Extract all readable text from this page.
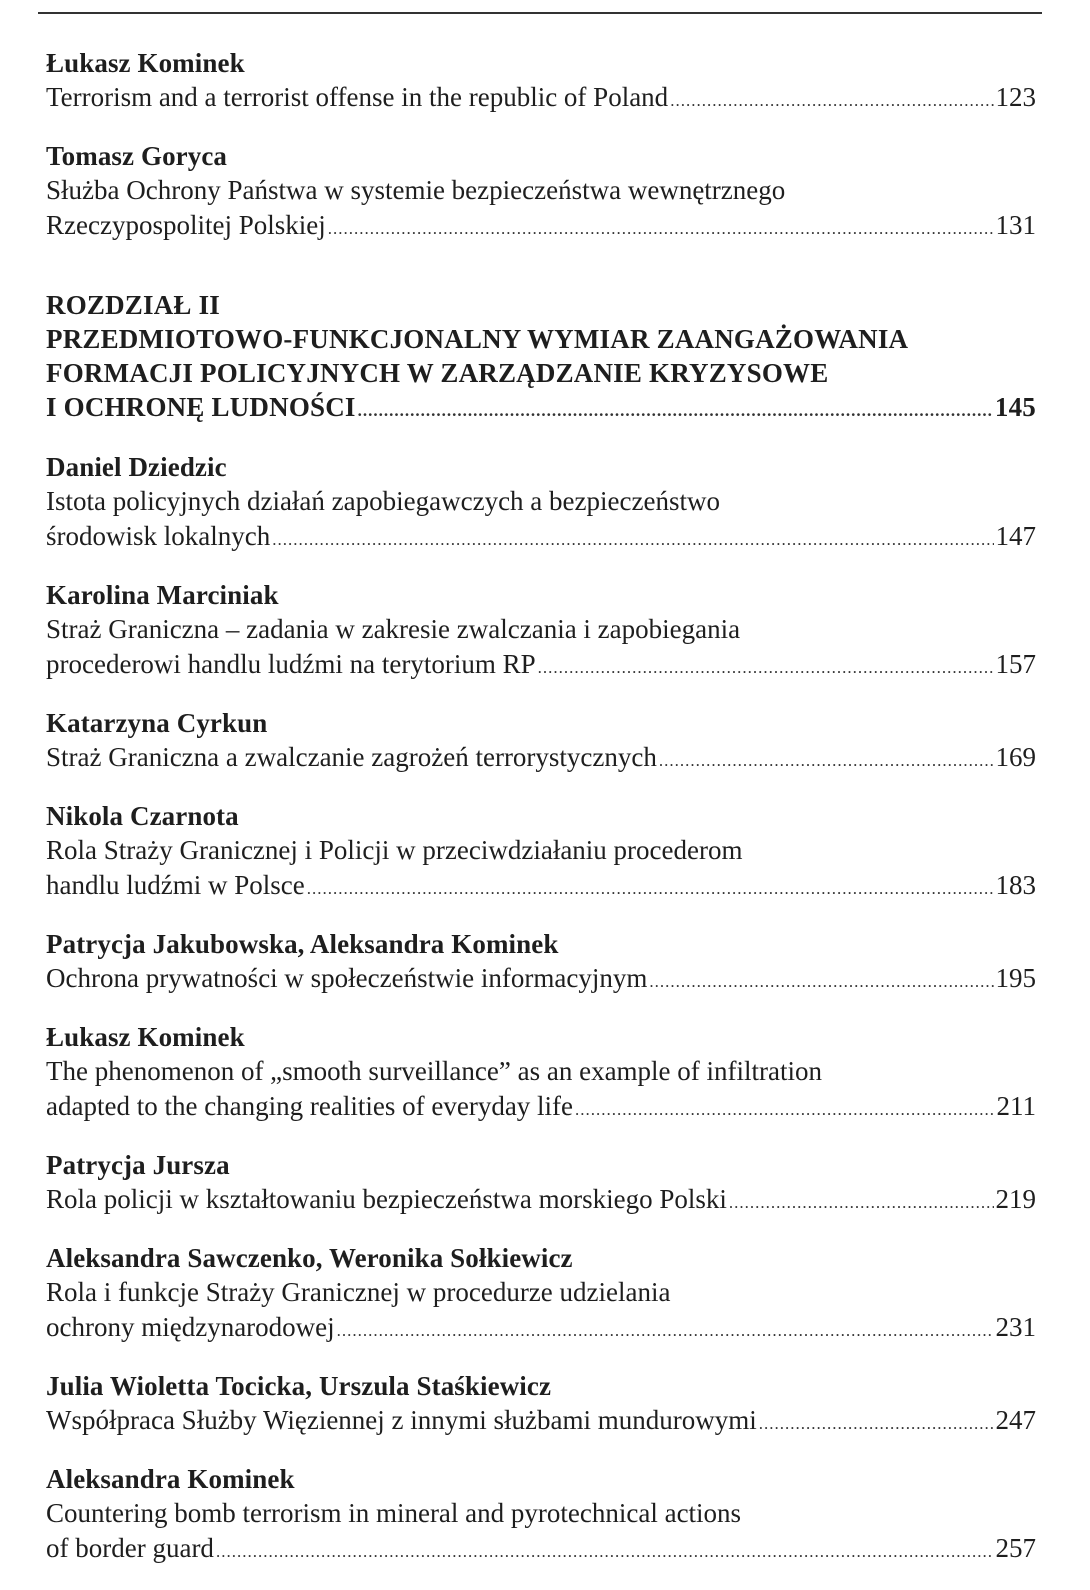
Łukasz Kominek
Terrorism and a terrorist offense in the republic of Poland .....	123
Tomasz Goryca
Służba Ochrony Państwa w systemie bezpieczeństwa wewnętrznego
Rzeczypospolitej Polskiej .....	131
ROZDZIAŁ II
PRZEDMIOTOWO-FUNKCJONALNY WYMIAR ZAANGAŻOWANIA
FORMACJI POLICYJNYCH W ZARZĄDZANIE KRYZYSOWE
I OCHRONĘ LUDNOŚCI .....	145
Daniel Dziedzic
Istota policyjnych działań zapobiegawczych a bezpieczeństwo
środowisk lokalnych .....	147
Karolina Marciniak
Straż Graniczna – zadania w zakresie zwalczania i zapobiegania
procederowi handlu ludźmi na terytorium RP .....	157
Katarzyna Cyrkun
Straż Graniczna a zwalczanie zagrożeń terrorystycznych .....	169
Nikola Czarnota
Rola Straży Granicznej i Policji w przeciwdziałaniu procederom
handlu ludźmi w Polsce .....	183
Patrycja Jakubowska, Aleksandra Kominek
Ochrona prywatności w społeczeństwie informacyjnym .....	195
Łukasz Kominek
The phenomenon of „smooth surveillance” as an example of infiltration
adapted to the changing realities of everyday life .....	211
Patrycja Jursza
Rola policji w kształtowaniu bezpieczeństwa morskiego Polski .....	219
Aleksandra Sawczenko, Weronika Sołkiewicz
Rola i funkcje Straży Granicznej w procedurze udzielania
ochrony międzynarodowej .....	231
Julia Wioletta Tocicka, Urszula Staśkiewicz
Współpraca Służby Więziennej z innymi służbami mundurowymi .....	247
Aleksandra Kominek
Countering bomb terrorism in mineral and pyrotechnical actions
of border guard .....	257
